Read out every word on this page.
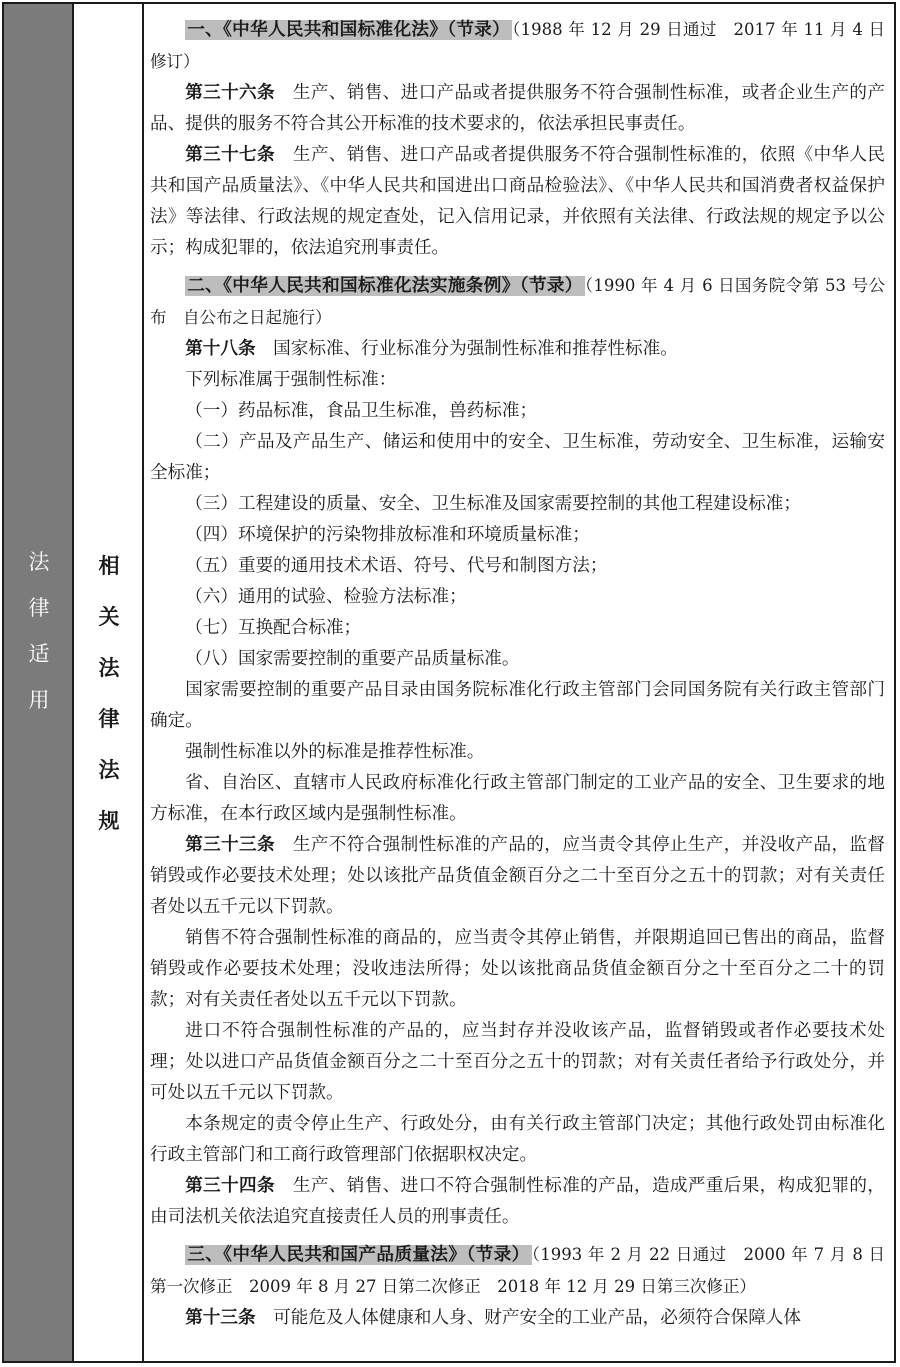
法
律
适
用
相
关
法
律
法
规

一、《中华人民共和国标准化法》（节录） （1988 年 12 月 29 日通过　2017 年 11 月 4 日修订）

第三十六条　生产、销售、进口产品或者提供服务不符合强制性标准，或者企业生产的产品、提供的服务不符合其公开标准的技术要求的，依法承担民事责任。

第三十七条　生产、销售、进口产品或者提供服务不符合强制性标准的，依照《中华人民共和国产品质量法》、《中华人民共和国进出口商品检验法》、《中华人民共和国消费者权益保护法》等法律、行政法规的规定查处，记入信用记录，并依照有关法律、行政法规的规定予以公示；构成犯罪的，依法追究刑事责任。

二、《中华人民共和国标准化法实施条例》（节录） （1990 年 4 月 6 日国务院令第 53 号公布　自公布之日起施行）

第十八条　国家标准、行业标准分为强制性标准和推荐性标准。

下列标准属于强制性标准：

（一）药品标准，食品卫生标准，兽药标准；

（二）产品及产品生产、储运和使用中的安全、卫生标准，劳动安全、卫生标准，运输安全标准；

（三）工程建设的质量、安全、卫生标准及国家需要控制的其他工程建设标准；

（四）环境保护的污染物排放标准和环境质量标准；

（五）重要的通用技术术语、符号、代号和制图方法；

（六）通用的试验、检验方法标准；

（七）互换配合标准；

（八）国家需要控制的重要产品质量标准。

国家需要控制的重要产品目录由国务院标准化行政主管部门会同国务院有关行政主管部门确定。

强制性标准以外的标准是推荐性标准。

省、自治区、直辖市人民政府标准化行政主管部门制定的工业产品的安全、卫生要求的地方标准，在本行政区域内是强制性标准。

第三十三条　生产不符合强制性标准的产品的，应当责令其停止生产，并没收产品，监督销毁或作必要技术处理；处以该批产品货值金额百分之二十至百分之五十的罚款；对有关责任者处以五千元以下罚款。

销售不符合强制性标准的商品的，应当责令其停止销售，并限期追回已售出的商品，监督销毁或作必要技术处理；没收违法所得；处以该批商品货值金额百分之十至百分之二十的罚款；对有关责任者处以五千元以下罚款。

进口不符合强制性标准的产品的，应当封存并没收该产品，监督销毁或者作必要技术处理；处以进口产品货值金额百分之二十至百分之五十的罚款；对有关责任者给予行政处分，并可处以五千元以下罚款。

本条规定的责令停止生产、行政处分，由有关行政主管部门决定；其他行政处罚由标准化行政主管部门和工商行政管理部门依据职权决定。

第三十四条　生产、销售、进口不符合强制性标准的产品，造成严重后果，构成犯罪的，由司法机关依法追究直接责任人员的刑事责任。

三、《中华人民共和国产品质量法》（节录） （1993 年 2 月 22 日通过　2000 年 7 月 8 日第一次修正　2009 年 8 月 27 日第二次修正　2018 年 12 月 29 日第三次修正）

第十三条　可能危及人体健康和人身、财产安全的工业产品，必须符合保障人体
